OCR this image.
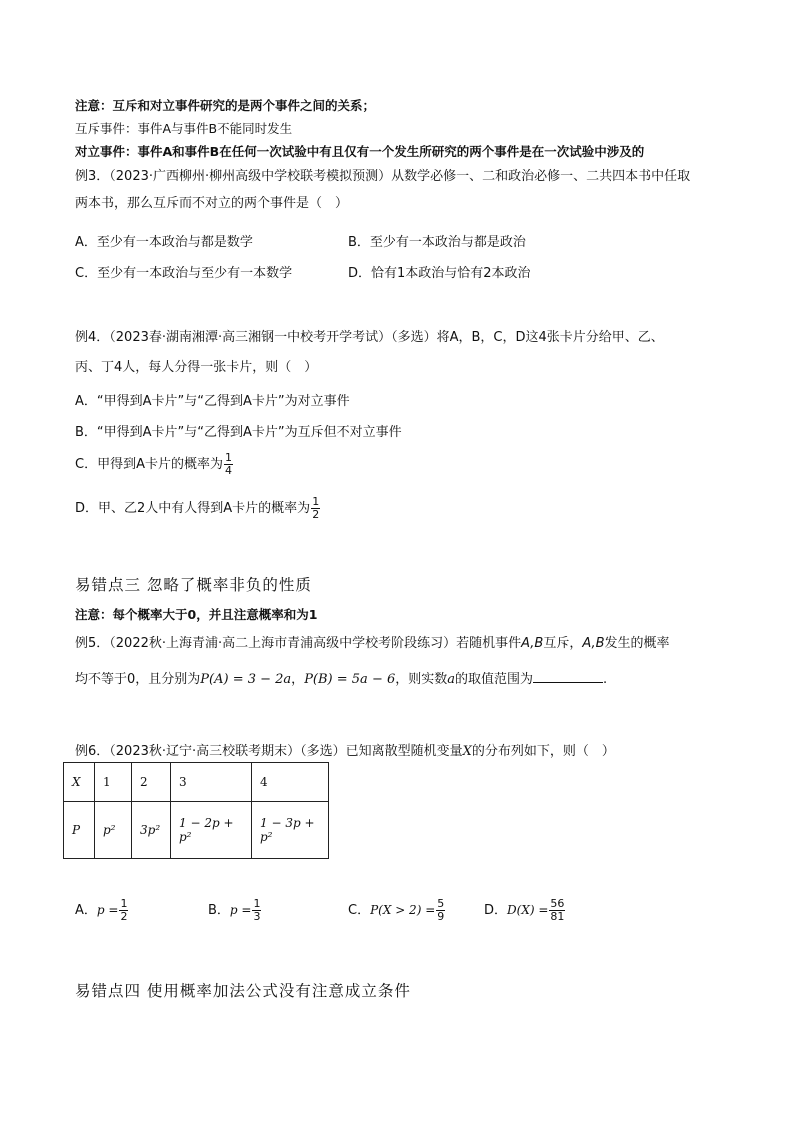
注意：互斥和对立事件研究的是两个事件之间的关系；
互斥事件：事件A与事件B不能同时发生
对立事件：事件A和事件B在任何一次试验中有且仅有一个发生所研究的两个事件是在一次试验中涉及的
例3．（2023·广西柳州·柳州高级中学校联考模拟预测）从数学必修一、二和政治必修一、二共四本书中任取
两本书，那么互斥而不对立的两个事件是（　）
A．至少有一本政治与都是数学	B．至少有一本政治与都是政治
C．至少有一本政治与至少有一本数学	D．恰有1本政治与恰有2本政治
例4．（2023春·湖南湘潭·高三湘钢一中校考开学考试）（多选）将A，B，C，D这4张卡片分给甲、乙、
丙、丁4人，每人分得一张卡片，则（　）
A．“甲得到A卡片”与“乙得到A卡片”为对立事件
B．“甲得到A卡片”与“乙得到A卡片”为互斥但不对立事件
C．甲得到A卡片的概率为 $\frac{1}{4}$
D．甲、乙2人中有人得到A卡片的概率为 $\frac{1}{2}$
易错点三 忽略了概率非负的性质
注意：每个概率大于0，并且注意概率和为1
例5．（2022秋·上海青浦·高二上海市青浦高级中学校考阶段练习）若随机事件A,B互斥，A,B发生的概率
均不等于0，且分别为P(A) = 3 − 2a，P(B) = 5a − 6，则实数a的取值范围为	.
例6．（2023秋·辽宁·高三校联考期末）（多选）已知离散型随机变量X的分布列如下，则（　）
X	1	2	3	4
P	p²	3p²	1 − 2p + p²	1 − 3p + p²
A．$p = \frac{1}{2}$	B．$p = \frac{1}{3}$	C．$P(X > 2) = \frac{5}{9}$	D．$D(X) = \frac{56}{81}$
易错点四 使用概率加法公式没有注意成立条件
